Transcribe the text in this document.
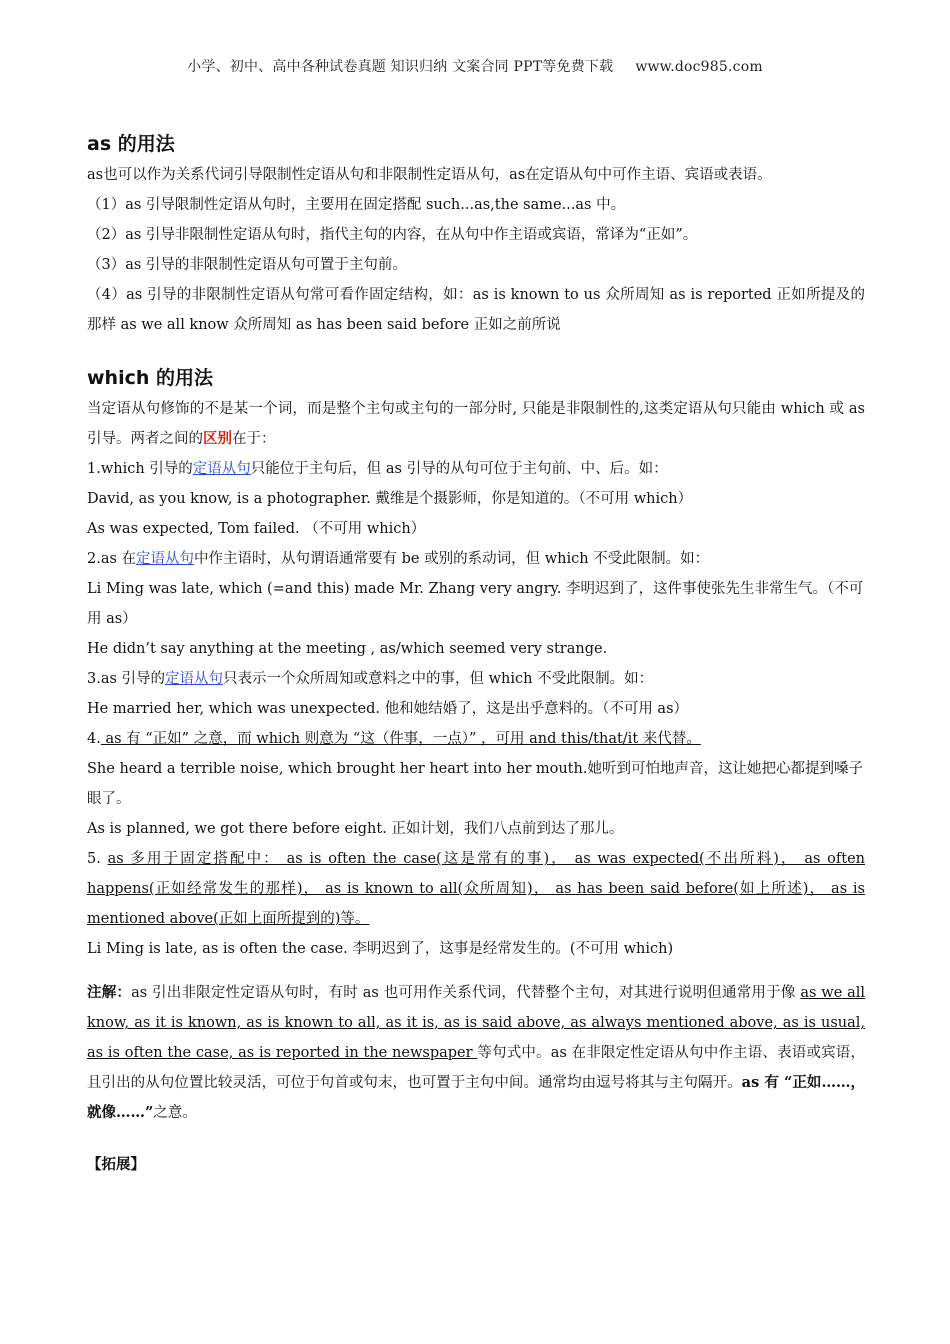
小学、初中、高中各种试卷真题 知识归纳 文案合同 PPT等免费下载 www.doc985.com
as 的用法

as也可以作为关系代词引导限制性定语从句和非限制性定语从句，as在定语从句中可作主语、宾语或表语。

（1）as 引导限制性定语从句时，主要用在固定搭配 such...as,the same...as 中。

（2）as 引导非限制性定语从句时，指代主句的内容，在从句中作主语或宾语，常译为“正如”。

（3）as 引导的非限制性定语从句可置于主句前。

（4）as 引导的非限制性定语从句常可看作固定结构，如：as is known to us 众所周知 as is reported 正如所提及的那样 as we all know 众所周知 as has been said before 正如之前所说

which 的用法

当定语从句修饰的不是某一个词，而是整个主句或主句的一部分时, 只能是非限制性的,这类定语从句只能由 which 或 as 引导。两者之间的区别在于：

1.which 引导的定语从句只能位于主句后，但 as 引导的从句可位于主句前、中、后。如：

David, as you know, is a photographer. 戴维是个摄影师，你是知道的。（不可用 which）

As was expected, Tom failed. （不可用 which）

2.as 在定语从句中作主语时，从句谓语通常要有 be 或别的系动词，但 which 不受此限制。如：

Li Ming was late, which (=and this) made Mr. Zhang very angry. 李明迟到了，这件事使张先生非常生气。（不可用 as）

He didn’t say anything at the meeting , as/which seemed very strange.

3.as 引导的定语从句只表示一个众所周知或意料之中的事，但 which 不受此限制。如：

He married her, which was unexpected. 他和她结婚了，这是出乎意料的。（不可用 as）

4. as 有 “正如” 之意，而 which 则意为 “这（件事，一点）” ，可用 and this/that/it 来代替。

She heard a terrible noise, which brought her heart into her mouth.她听到可怕地声音，这让她把心都提到嗓子眼了。

As is planned, we got there before eight. 正如计划，我们八点前到达了那儿。

5. as 多用于固定搭配中： as is often the case(这是常有的事)， as was expected(不出所料)， as often happens(正如经常发生的那样)， as is known to all(众所周知)， as has been said before(如上所述)， as is mentioned above(正如上面所提到的)等。

Li Ming is late, as is often the case. 李明迟到了，这事是经常发生的。(不可用 which)

注解：as 引出非限定性定语从句时，有时 as 也可用作关系代词，代替整个主句，对其进行说明但通常用于像 as we all know, as it is known, as is known to all, as it is, as is said above, as always mentioned above, as is usual, as is often the case, as is reported in the newspaper 等句式中。as 在非限定性定语从句中作主语、表语或宾语，且引出的从句位置比较灵活，可位于句首或句末，也可置于主句中间。通常均由逗号将其与主句隔开。as 有 “正如……， 就像……”之意。

【拓展】
